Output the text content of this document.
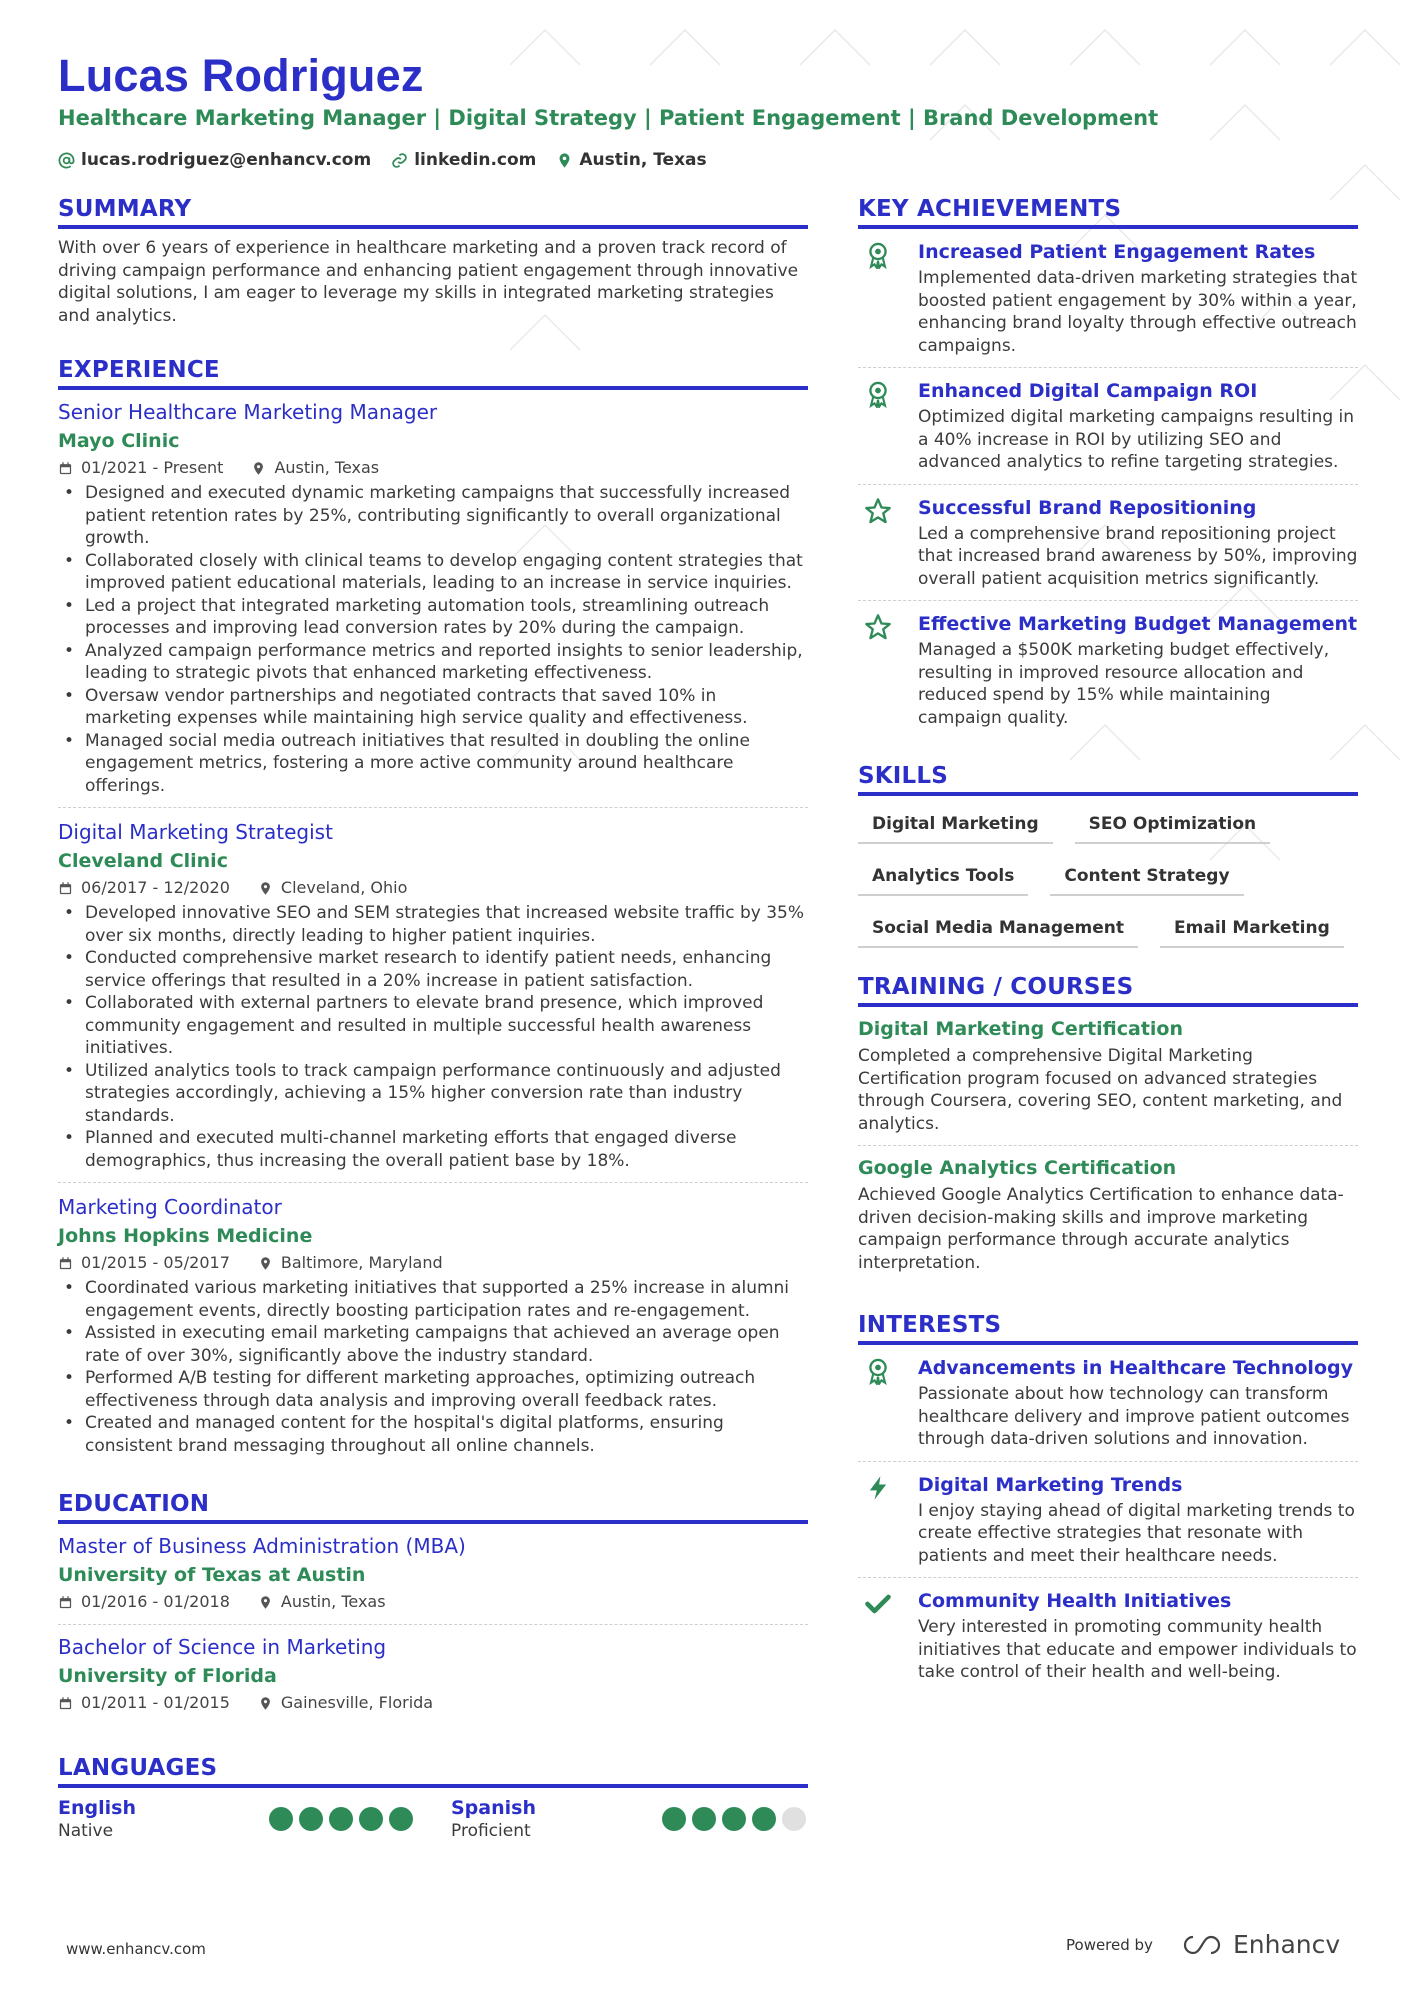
Lucas Rodriguez
Healthcare Marketing Manager | Digital Strategy | Patient Engagement | Brand Development
lucas.rodriguez@enhancv.com	linkedin.com	Austin, Texas
SUMMARY
With over 6 years of experience in healthcare marketing and a proven track record of driving campaign performance and enhancing patient engagement through innovative digital solutions, I am eager to leverage my skills in integrated marketing strategies and analytics.
EXPERIENCE
Senior Healthcare Marketing Manager
Mayo Clinic
01/2021 - Present	Austin, Texas
• Designed and executed dynamic marketing campaigns that successfully increased patient retention rates by 25%, contributing significantly to overall organizational growth.
• Collaborated closely with clinical teams to develop engaging content strategies that improved patient educational materials, leading to an increase in service inquiries.
• Led a project that integrated marketing automation tools, streamlining outreach processes and improving lead conversion rates by 20% during the campaign.
• Analyzed campaign performance metrics and reported insights to senior leadership, leading to strategic pivots that enhanced marketing effectiveness.
• Oversaw vendor partnerships and negotiated contracts that saved 10% in marketing expenses while maintaining high service quality and effectiveness.
• Managed social media outreach initiatives that resulted in doubling the online engagement metrics, fostering a more active community around healthcare offerings.
Digital Marketing Strategist
Cleveland Clinic
06/2017 - 12/2020	Cleveland, Ohio
• Developed innovative SEO and SEM strategies that increased website traffic by 35% over six months, directly leading to higher patient inquiries.
• Conducted comprehensive market research to identify patient needs, enhancing service offerings that resulted in a 20% increase in patient satisfaction.
• Collaborated with external partners to elevate brand presence, which improved community engagement and resulted in multiple successful health awareness initiatives.
• Utilized analytics tools to track campaign performance continuously and adjusted strategies accordingly, achieving a 15% higher conversion rate than industry standards.
• Planned and executed multi-channel marketing efforts that engaged diverse demographics, thus increasing the overall patient base by 18%.
Marketing Coordinator
Johns Hopkins Medicine
01/2015 - 05/2017	Baltimore, Maryland
• Coordinated various marketing initiatives that supported a 25% increase in alumni engagement events, directly boosting participation rates and re-engagement.
• Assisted in executing email marketing campaigns that achieved an average open rate of over 30%, significantly above the industry standard.
• Performed A/B testing for different marketing approaches, optimizing outreach effectiveness through data analysis and improving overall feedback rates.
• Created and managed content for the hospital's digital platforms, ensuring consistent brand messaging throughout all online channels.
EDUCATION
Master of Business Administration (MBA)
University of Texas at Austin
01/2016 - 01/2018	Austin, Texas
Bachelor of Science in Marketing
University of Florida
01/2011 - 01/2015	Gainesville, Florida
LANGUAGES
English
Native
Spanish
Proficient
KEY ACHIEVEMENTS
Increased Patient Engagement Rates
Implemented data-driven marketing strategies that boosted patient engagement by 30% within a year, enhancing brand loyalty through effective outreach campaigns.
Enhanced Digital Campaign ROI
Optimized digital marketing campaigns resulting in a 40% increase in ROI by utilizing SEO and advanced analytics to refine targeting strategies.
Successful Brand Repositioning
Led a comprehensive brand repositioning project that increased brand awareness by 50%, improving overall patient acquisition metrics significantly.
Effective Marketing Budget Management
Managed a $500K marketing budget effectively, resulting in improved resource allocation and reduced spend by 15% while maintaining campaign quality.
SKILLS
Digital Marketing	SEO Optimization
Analytics Tools	Content Strategy
Social Media Management	Email Marketing
TRAINING / COURSES
Digital Marketing Certification
Completed a comprehensive Digital Marketing Certification program focused on advanced strategies through Coursera, covering SEO, content marketing, and analytics.
Google Analytics Certification
Achieved Google Analytics Certification to enhance data-driven decision-making skills and improve marketing campaign performance through accurate analytics interpretation.
INTERESTS
Advancements in Healthcare Technology
Passionate about how technology can transform healthcare delivery and improve patient outcomes through data-driven solutions and innovation.
Digital Marketing Trends
I enjoy staying ahead of digital marketing trends to create effective strategies that resonate with patients and meet their healthcare needs.
Community Health Initiatives
Very interested in promoting community health initiatives that educate and empower individuals to take control of their health and well-being.
www.enhancv.com	Powered by	Enhancv
